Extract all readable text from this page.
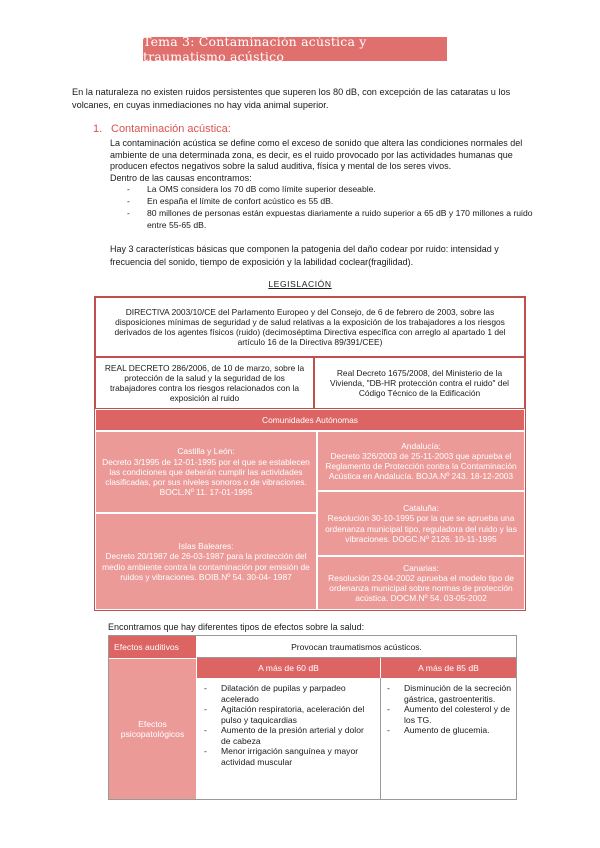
Tema 3: Contaminación acústica y traumatismo acústico
En la naturaleza no existen ruidos persistentes que superen los 80 dB, con excepción de las cataratas u los volcanes, en cuyas inmediaciones no hay vida animal superior.
1. Contaminación acústica:
La contaminación acústica se define como el exceso de sonido que altera las condiciones normales del ambiente de una determinada zona, es decir, es el ruido provocado por las actividades humanas que producen efectos negativos sobre la salud auditiva, física y mental de los seres vivos.
Dentro de las causas encontramos:
- La OMS considera los 70 dB como límite superior deseable.
- En españa el límite de confort acústico es 55 dB.
- 80 millones de personas están expuestas diariamente a ruido superior a 65 dB y 170 millones a ruido entre 55-65 dB.
Hay 3 características básicas que componen la patogenia del daño codear por ruido: intensidad y frecuencia del sonido, tiempo de exposición y la labilidad coclear(fragilidad).
LEGISLACIÓN
DIRECTIVA 2003/10/CE del Parlamento Europeo y del Consejo, de 6 de febrero de 2003, sobre las disposiciones mínimas de seguridad y de salud relativas a la exposición de los trabajadores a los riesgos derivados de los agentes físicos (ruido) (decimoséptima Directiva específica con arreglo al apartado 1 del artículo 16 de la Directiva 89/391/CEE)
REAL DECRETO 286/2006, de 10 de marzo, sobre la protección de la salud y la seguridad de los trabajadores contra los riesgos relacionados con la exposición al ruido
Real Decreto 1675/2008, del Ministerio de la Vivienda, "DB-HR protección contra el ruido" del Código Técnico de la Edificación
Comunidades Autónomas
Castilla y León:
Decreto 3/1995 de 12-01-1995 por el que se establecen las condiciones que deberán cumplir las actividades clasificadas, por sus niveles sonoros o de vibraciones. BOCL.Nº 11. 17-01-1995
Andalucía:
Decreto 326/2003 de 25-11-2003 que aprueba el Reglamento de Protección contra la Contaminación Acústica en Andalucía. BOJA.Nº 243. 18-12-2003
Islas Baleares:
Decreto 20/1987 de 26-03-1987 para la protección del medio ambiente contra la contaminación por emisión de ruidos y vibraciones. BOIB.Nº 54. 30-04- 1987
Cataluña:
Resolución 30-10-1995 por la que se aprueba una ordenanza municipal tipo, reguladora del ruido y las vibraciones. DOGC.Nº 2126. 10-11-1995
Canarias:
Resolución 23-04-2002 aprueba el modelo tipo de ordenanza municipal sobre normas de protección acústica. DOCM.Nº 54. 03-05-2002
Encontramos que hay diferentes tipos de efectos sobre la salud:
Efectos auditivos	Provocan traumatismos acústicos.
A más de 60 dB	A más de 85 dB
Efectos psicopatológicos
- Dilatación de pupilas y parpadeo acelerado
- Agitación respiratoria, aceleración del pulso y taquicardias
- Aumento de la presión arterial y dolor de cabeza
- Menor irrigación sanguínea y mayor actividad muscular
- Disminución de la secreción gástrica, gastroenteritis.
- Aumento del colesterol y de los TG.
- Aumento de glucemia.
